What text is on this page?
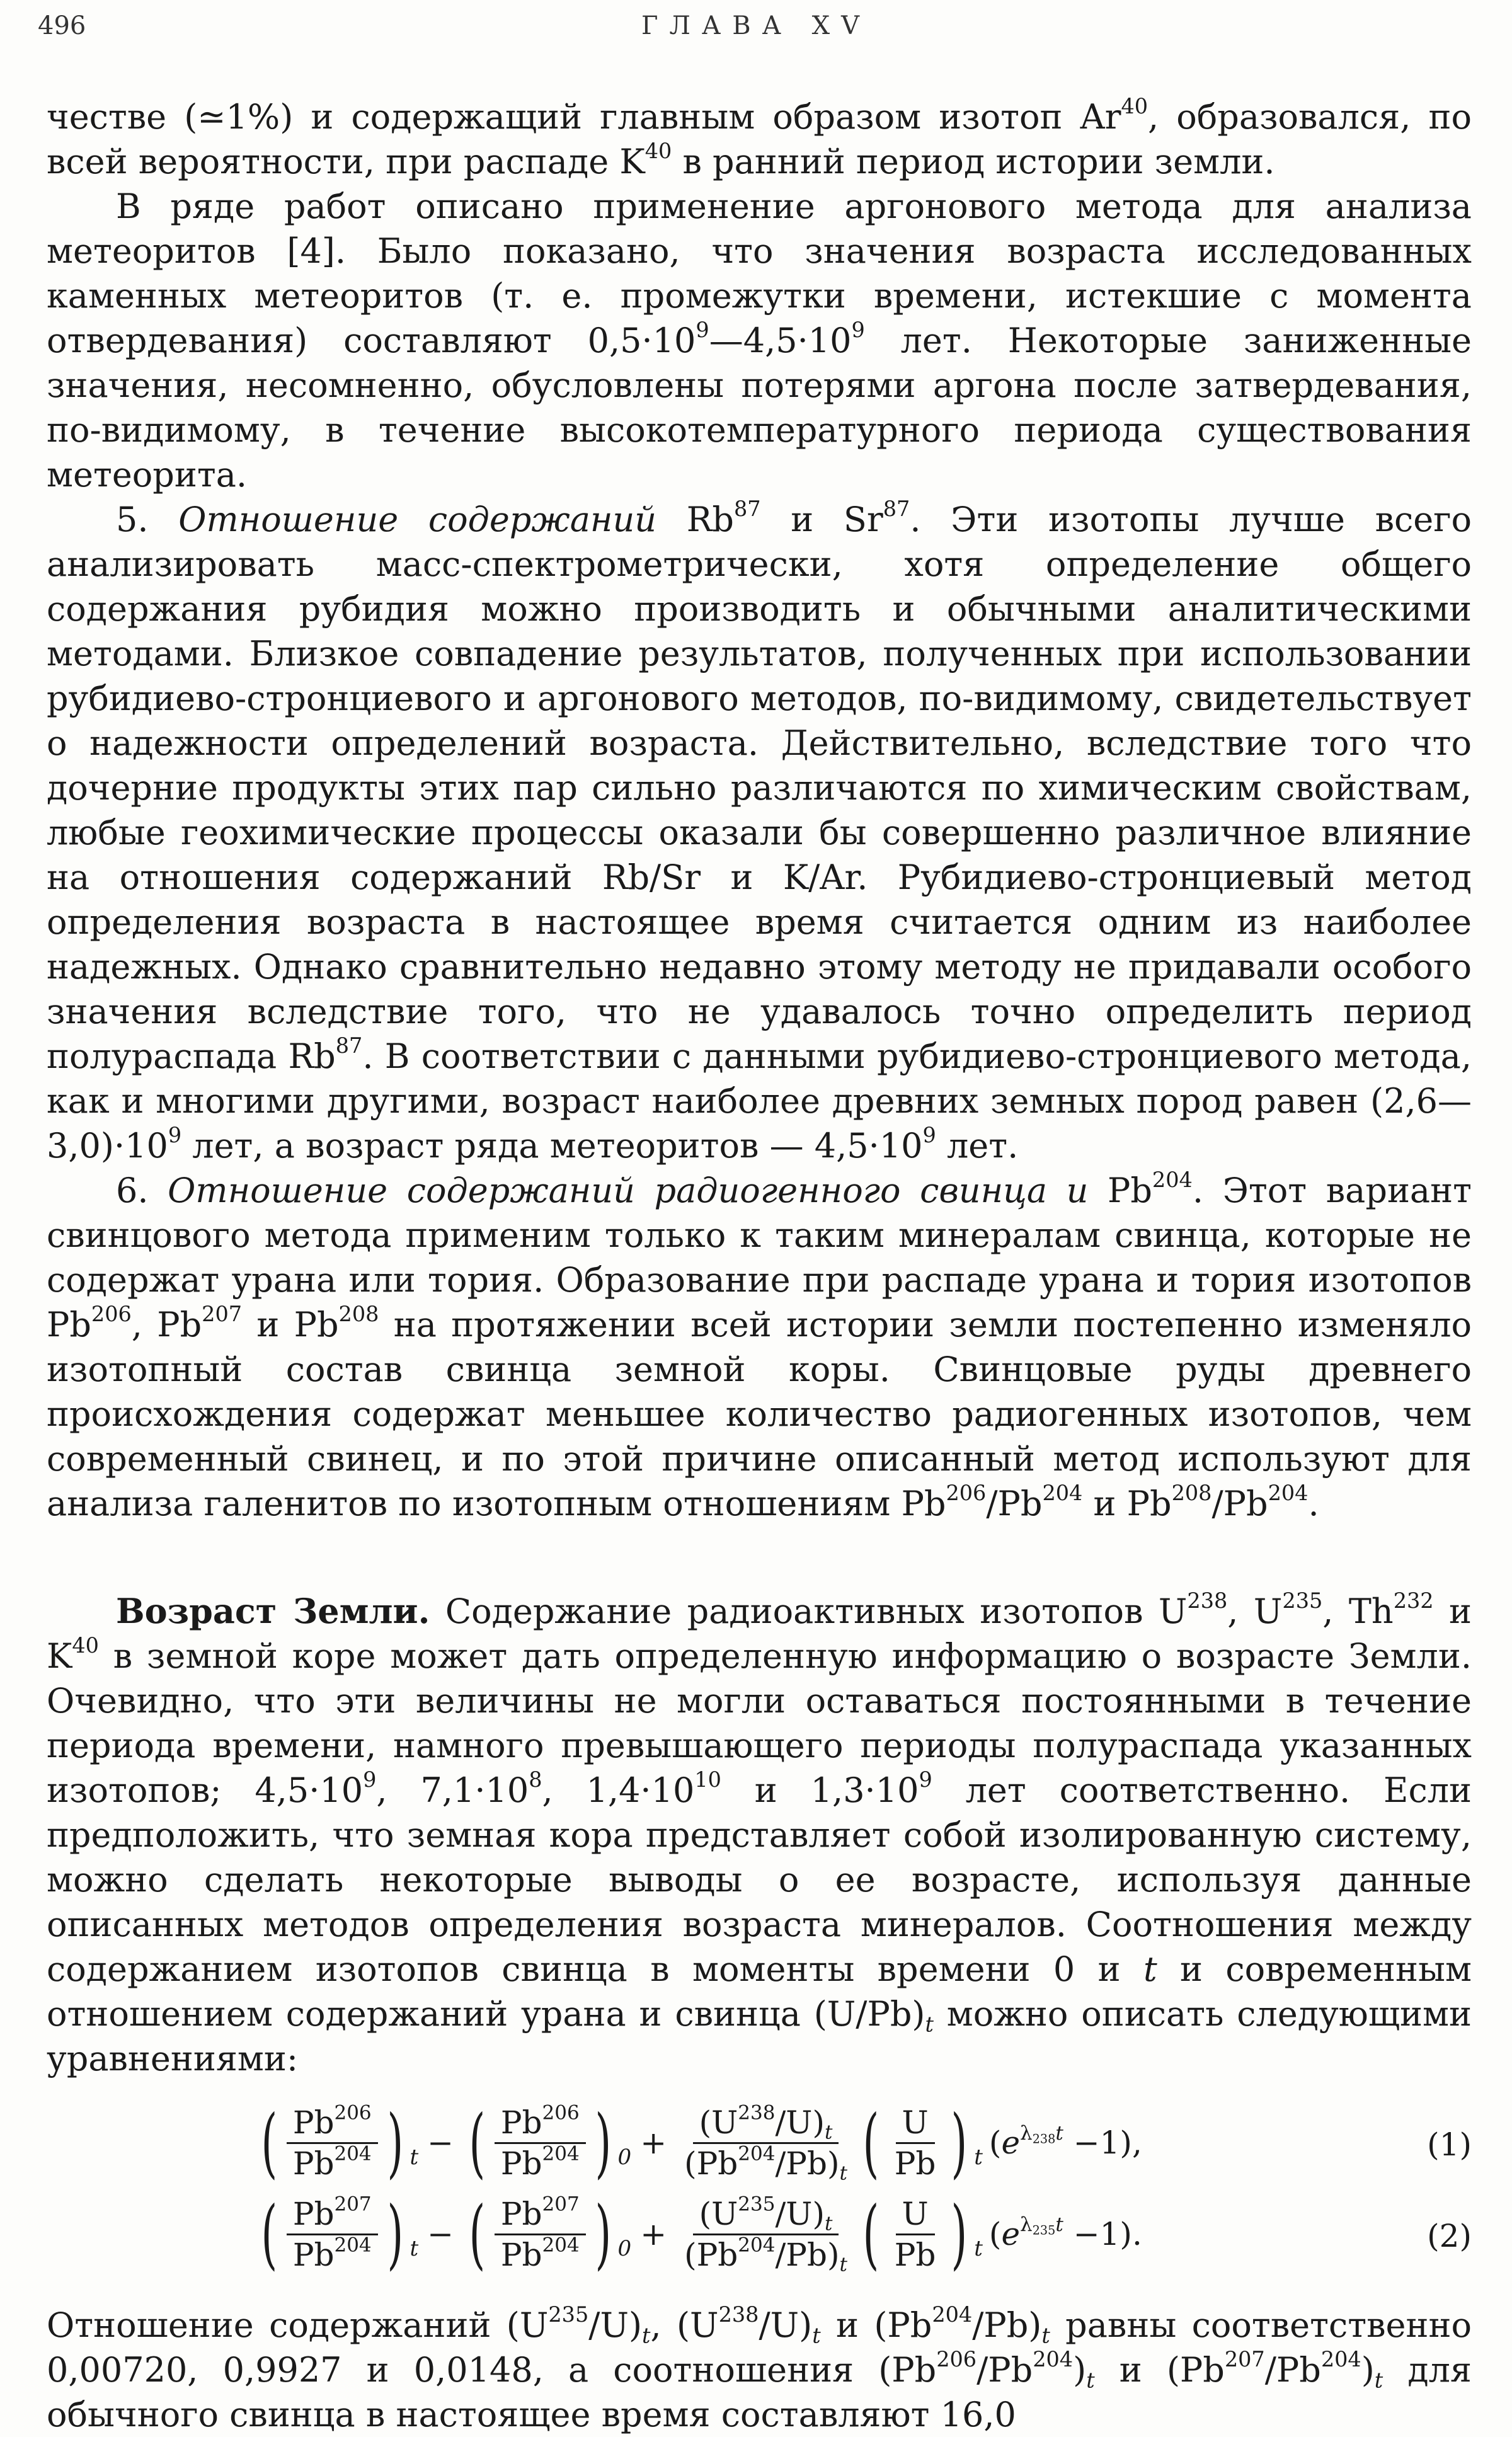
496	ГЛАВА XV

честве (≃1%) и содержащий главным образом изотоп Ar$^{40}$, образовался, по всей вероятности, при распаде $K^{40}$ в ранний период истории земли.

В ряде работ описано применение аргонового метода для анализа метеоритов [4]. Было показано, что значения возраста исследованных каменных метеоритов (т. е. промежутки времени, истекшие с момента отвердевания) составляют $0,5\cdot 10^9—4,5\cdot 10^9$ лет. Некоторые заниженные значения, несомненно, обусловлены потерями аргона после затвердевания, по-видимому, в течение высокотемпературного периода существования метеорита.

5. Отношение содержаний Rb$^{87}$ и Sr$^{87}$. Эти изотопы лучше всего анализировать масс-спектрометрически, хотя определение общего содержания рубидия можно производить и обычными аналитическими методами. Близкое совпадение результатов, полученных при использовании рубидиево-стронциевого и аргонового методов, по-видимому, свидетельствует о надежности определений возраста. Действительно, вследствие того что дочерние продукты этих пар сильно различаются по химическим свойствам, любые геохимические процессы оказали бы совершенно различное влияние на отношения содержаний Rb/Sr и K/Ar. Рубидиево-стронциевый метод определения возраста в настоящее время считается одним из наиболее надежных. Однако сравнительно недавно этому методу не придавали особого значения вследствие того, что не удавалось точно определить период полураспада Rb$^{87}$. В соответствии с данными рубидиево-стронциевого метода, как и многими другими, возраст наиболее древних земных пород равен $(2,6—3,0)\cdot 10^9$ лет, а возраст ряда метеоритов — $4,5\cdot 10^9$ лет.

6. Отношение содержаний радиогенного свинца и Pb$^{204}$. Этот вариант свинцового метода применим только к таким минералам свинца, которые не содержат урана или тория. Образование при распаде урана и тория изотопов Pb$^{206}$, Pb$^{207}$ и Pb$^{208}$ на протяжении всей истории земли постепенно изменяло изотопный состав свинца земной коры. Свинцовые руды древнего происхождения содержат меньшее количество радиогенных изотопов, чем современный свинец, и по этой причине описанный метод используют для анализа галенитов по изотопным отношениям Pb$^{206}$/Pb$^{204}$ и Pb$^{208}$/Pb$^{204}$.

Возраст Земли. Содержание радиоактивных изотопов $U^{238}$, $U^{235}$, Th$^{232}$ и $K^{40}$ в земной коре может дать определенную информацию о возрасте Земли. Очевидно, что эти величины не могли оставаться постоянными в течение периода времени, намного превышающего периоды полураспада указанных изотопов; $4,5\cdot 10^9$, $7,1\cdot 10^8$, $1,4\cdot 10^{10}$ и $1,3\cdot 10^9$ лет соответственно. Если предположить, что земная кора представляет собой изолированную систему, можно сделать некоторые выводы о ее возрасте, используя данные описанных методов определения возраста минералов. Соотношения между содержанием изотопов свинца в моменты времени 0 и t и современным отношением содержаний урана и свинца $(U/Pb)_t$ можно описать следующими уравнениями:

( $\frac{Pb^{206}}{Pb^{204}}$ ) t − ( $\frac{Pb^{206}}{Pb^{204}}$ ) $0 + \frac{(U^{238}/U)_t}{(Pb^{204}/Pb)_t}$ ( $\frac{U}{Pb}$ ) t $(e^{\lambda_{238}t} -1)$ ,	(1)
( $\frac{Pb^{207}}{Pb^{204}}$ ) t − ( $\frac{Pb^{207}}{Pb^{204}}$ ) $0 + \frac{(U^{235}/U)_t}{(Pb^{204}/Pb)_t}$ ( $\frac{U}{Pb}$ ) t $(e^{\lambda_{235}t} -1)$ .	(2)

Отношение содержаний $(U^{235}/U)_t$, $(U^{238}/U)_t$ и $(Pb^{204}/Pb)_t$ равны соответственно 0,00720, 0,9927 и 0,0148, а соотношения $(Pb^{206}/Pb^{204})_t$ и $(Pb^{207}/Pb^{204})_t$ для обычного свинца в настоящее время составляют 16,0
